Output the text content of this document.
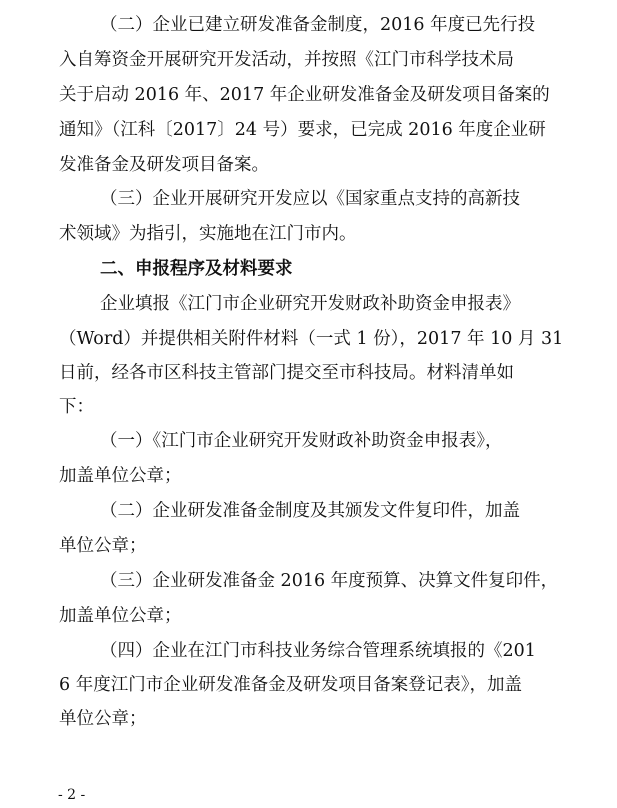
（二）企业已建立研发准备金制度，2016 年度已先行投
入自筹资金开展研究开发活动，并按照《江门市科学技术局
关于启动 2016 年、2017 年企业研发准备金及研发项目备案的
通知》（江科〔2017〕24 号）要求，已完成 2016 年度企业研
发准备金及研发项目备案。
（三）企业开展研究开发应以《国家重点支持的高新技
术领域》为指引，实施地在江门市内。
二、申报程序及材料要求
企业填报《江门市企业研究开发财政补助资金申报表》
（Word）并提供相关附件材料（一式 1 份），2017 年 10 月 31
日前，经各市区科技主管部门提交至市科技局。材料清单如
下：
（一）《江门市企业研究开发财政补助资金申报表》，
加盖单位公章；
（二）企业研发准备金制度及其颁发文件复印件，加盖
单位公章；
（三）企业研发准备金 2016 年度预算、决算文件复印件，
加盖单位公章；
（四）企业在江门市科技业务综合管理系统填报的《201
6 年度江门市企业研发准备金及研发项目备案登记表》，加盖
单位公章；
- 2 -
